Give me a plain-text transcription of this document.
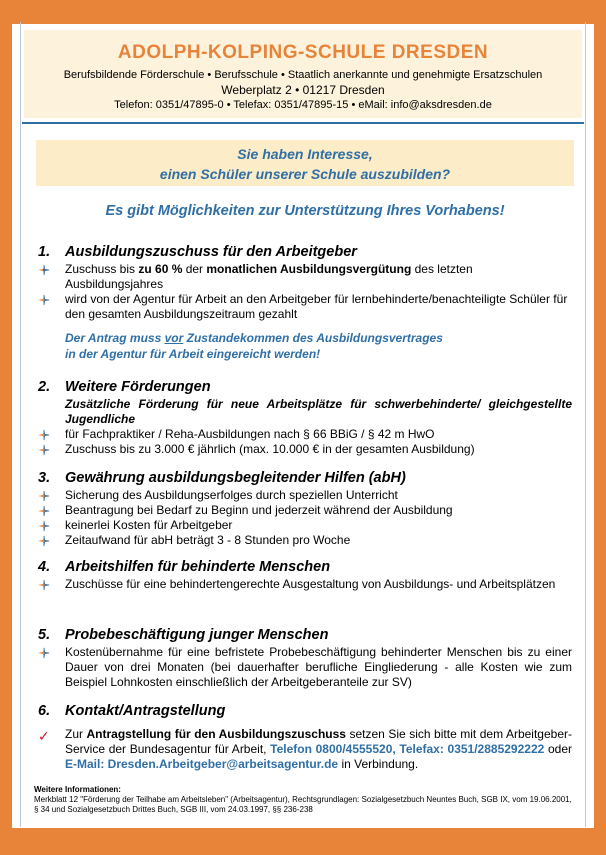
ADOLPH-KOLPING-SCHULE DRESDEN
Berufsbildende Förderschule • Berufsschule • Staatlich anerkannte und genehmigte Ersatzschulen
Weberplatz 2 • 01217 Dresden
Telefon: 0351/47895-0 • Telefax: 0351/47895-15 • eMail: info@aksdresden.de
Sie haben Interesse,
einen Schüler unserer Schule auszubilden?
Es gibt Möglichkeiten zur Unterstützung Ihres Vorhabens!
1.	Ausbildungszuschuss für den Arbeitgeber
Zuschuss bis zu 60 % der monatlichen Ausbildungsvergütung des letzten Ausbildungsjahres
wird von der Agentur für Arbeit an den Arbeitgeber für lernbehinderte/benachteiligte Schüler für den gesamten Ausbildungszeitraum gezahlt
Der Antrag muss vor Zustandekommen des Ausbildungsvertrages
in der Agentur für Arbeit eingereicht werden!
2.	Weitere Förderungen
Zusätzliche Förderung für neue Arbeitsplätze für schwerbehinderte/ gleichgestellte Jugendliche
für Fachpraktiker / Reha-Ausbildungen nach § 66 BBiG / § 42 m HwO
Zuschuss bis zu 3.000 € jährlich (max. 10.000 € in der gesamten Ausbildung)
3.	Gewährung ausbildungsbegleitender Hilfen (abH)
Sicherung des Ausbildungserfolges durch speziellen Unterricht
Beantragung bei Bedarf zu Beginn und jederzeit während der Ausbildung
keinerlei Kosten für Arbeitgeber
Zeitaufwand für abH beträgt 3 - 8 Stunden pro Woche
4.	Arbeitshilfen für behinderte Menschen
Zuschüsse für eine behindertengerechte Ausgestaltung von Ausbildungs- und Arbeitsplätzen
5.	Probebeschäftigung junger Menschen
Kostenübernahme für eine befristete Probebeschäftigung behinderter Menschen bis zu einer Dauer von drei Monaten (bei dauerhafter berufliche Eingliederung - alle Kosten wie zum Beispiel Lohnkosten einschließlich der Arbeitgeberanteile zur SV)
6.	Kontakt/Antragstellung
✓ Zur Antragstellung für den Ausbildungszuschuss setzen Sie sich bitte mit dem Arbeitgeber-Service der Bundesagentur für Arbeit, Telefon 0800/4555520, Telefax: 0351/2885292222 oder E-Mail: Dresden.Arbeitgeber@arbeitsagentur.de in Verbindung.
Weitere Informationen:
Merkblatt 12 "Förderung der Teilhabe am Arbeitsleben" (Arbeitsagentur), Rechtsgrundlagen: Sozialgesetzbuch Neuntes Buch, SGB IX, vom 19.06.2001, § 34 und Sozialgesetzbuch Drittes Buch, SGB III, vom 24.03.1997, §§ 236-238
